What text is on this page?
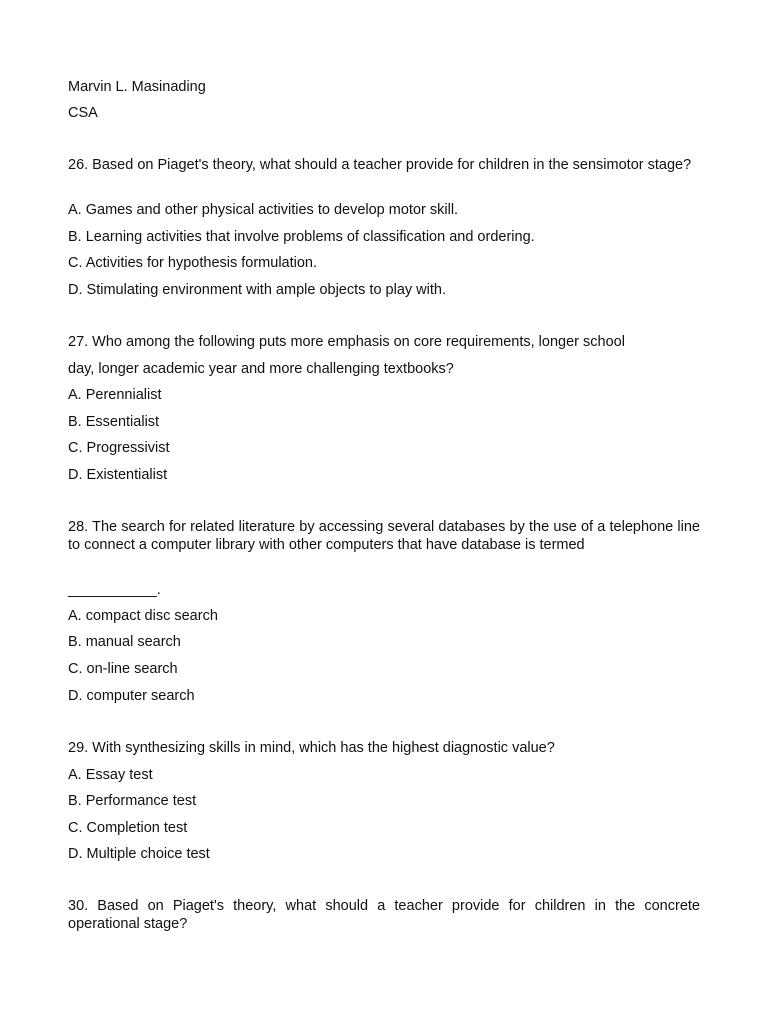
Marvin L. Masinading
CSA
26. Based on Piaget's theory, what should a teacher provide for children in the sensimotor stage?
A. Games and other physical activities to develop motor skill.
B. Learning activities that involve problems of classification and ordering.
C. Activities for hypothesis formulation.
D. Stimulating environment with ample objects to play with.
27. Who among the following puts more emphasis on core requirements, longer school
day, longer academic year and more challenging textbooks?
A. Perennialist
B. Essentialist
C. Progressivist
D. Existentialist
28. The search for related literature by accessing several databases by the use of a telephone line to connect a computer library with other computers that have database is termed
___________.
A. compact disc search
B. manual search
C. on-line search
D. computer search
29. With synthesizing skills in mind, which has the highest diagnostic value?
A. Essay test
B. Performance test
C. Completion test
D. Multiple choice test
30. Based on Piaget's theory, what should a teacher provide for children in the concrete operational stage?
